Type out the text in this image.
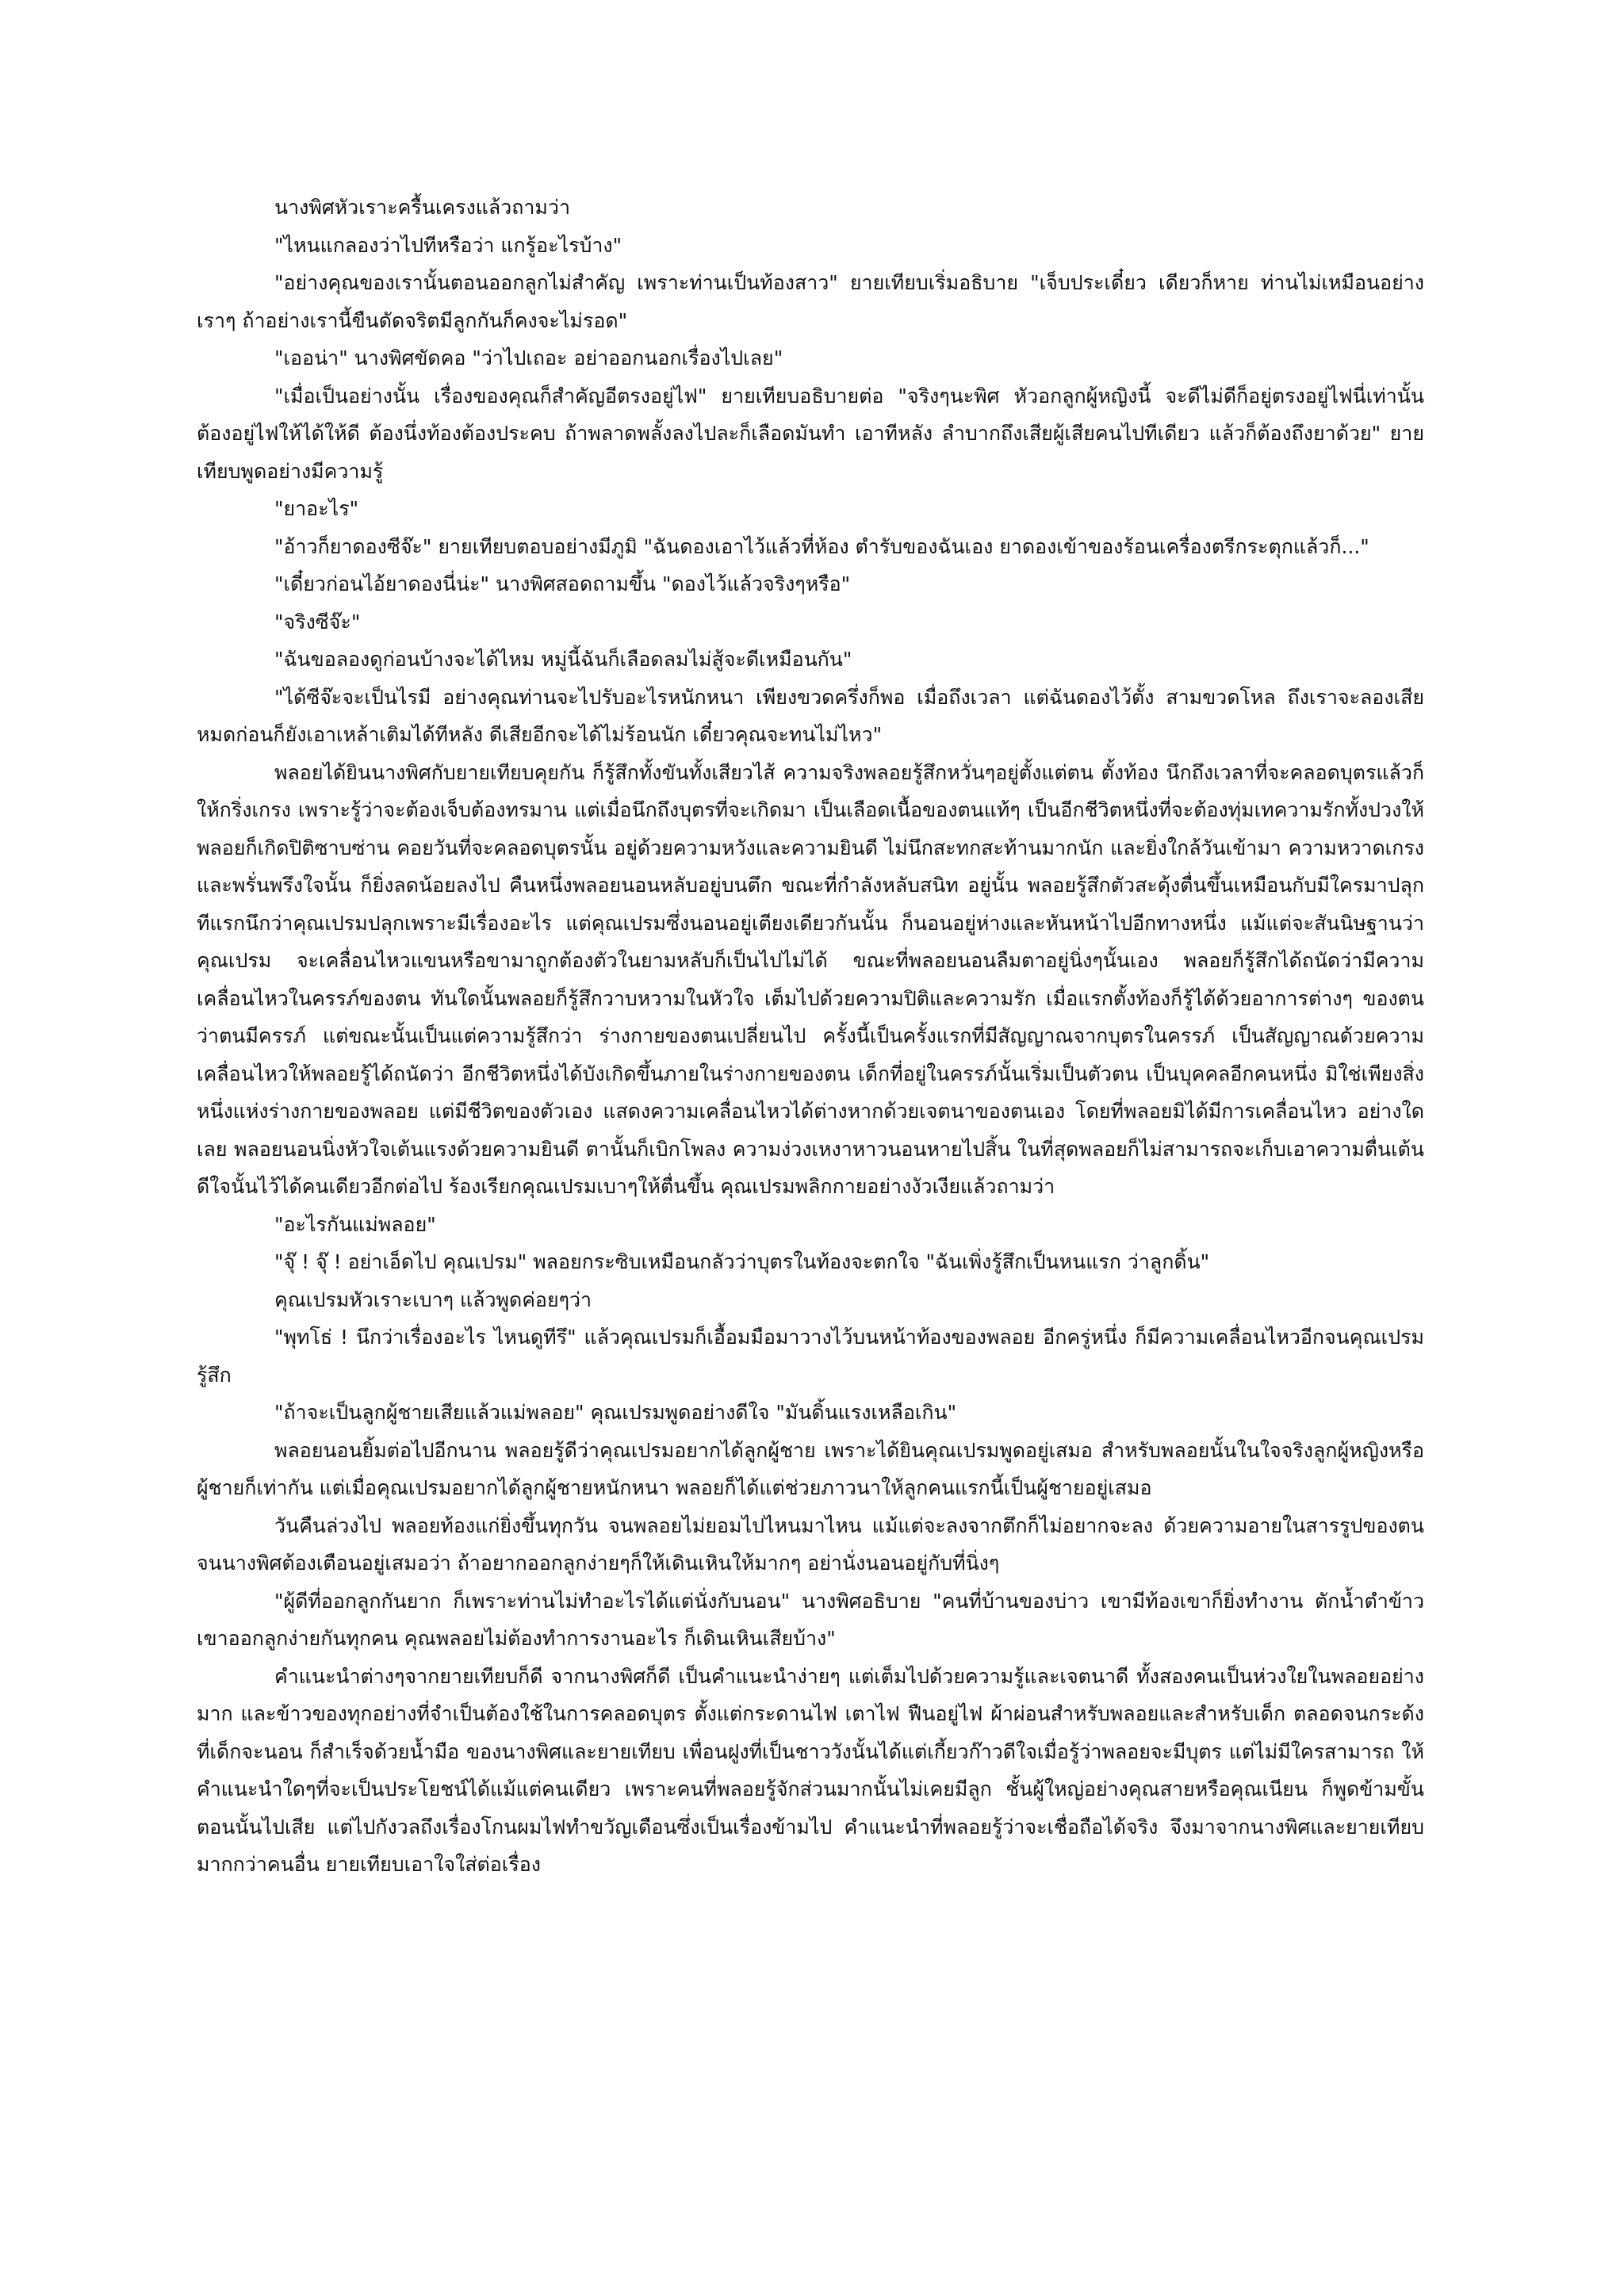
นางพิศหัวเราะครื้นเครงแล้วถามว่า

"ไหนแกลองว่าไปทีหรือว่า แกรู้อะไรบ้าง"

"อย่างคุณของเรานั้นตอนออกลูกไม่สำคัญ เพราะท่านเป็นท้องสาว" ยายเทียบเริ่มอธิบาย "เจ็บประเดี๋ยว เดียวก็หาย ท่านไม่เหมือนอย่างเราๆ ถ้าอย่างเรานี้ขืนดัดจริตมีลูกกันก็คงจะไม่รอด"

"เออน่า" นางพิศขัดคอ "ว่าไปเถอะ อย่าออกนอกเรื่องไปเลย"

"เมื่อเป็นอย่างนั้น เรื่องของคุณก็สำคัญอีตรงอยู่ไฟ" ยายเทียบอธิบายต่อ "จริงๆนะพิศ หัวอกลูกผู้หญิงนี้ จะดีไม่ดีก็อยู่ตรงอยู่ไฟนี่เท่านั้น ต้องอยู่ไฟให้ได้ให้ดี ต้องนึ่งท้องต้องประคบ ถ้าพลาดพลั้งลงไปละก็เลือดมันทำ เอาทีหลัง ลำบากถึงเสียผู้เสียคนไปทีเดียว แล้วก็ต้องถึงยาด้วย" ยายเทียบพูดอย่างมีความรู้

"ยาอะไร"

"อ้าวก็ยาดองซีจ๊ะ" ยายเทียบตอบอย่างมีภูมิ "ฉันดองเอาไว้แล้วที่ห้อง ตำรับของฉันเอง ยาดองเข้าของร้อนเครื่องตรีกระตุกแล้วก็..."

"เดี๋ยวก่อนไอ้ยาดองนี่น่ะ" นางพิศสอดถามขึ้น "ดองไว้แล้วจริงๆหรือ"

"จริงซีจ๊ะ"

"ฉันขอลองดูก่อนบ้างจะได้ไหม หมู่นี้ฉันก็เลือดลมไม่สู้จะดีเหมือนกัน"

"ได้ซีจ๊ะจะเป็นไรมี อย่างคุณท่านจะไปรับอะไรหนักหนา เพียงขวดครึ่งก็พอ เมื่อถึงเวลา แต่ฉันดองไว้ตั้ง สามขวดโหล ถึงเราจะลองเสียหมดก่อนก็ยังเอาเหล้าเติมได้ทีหลัง ดีเสียอีกจะได้ไม่ร้อนนัก เดี๋ยวคุณจะทนไม่ไหว"

พลอยได้ยินนางพิศกับยายเทียบคุยกัน ก็รู้สึกทั้งขันทั้งเสียวไส้ ความจริงพลอยรู้สึกหวั่นๆอยู่ตั้งแต่ตน ตั้งท้อง นึกถึงเวลาที่จะคลอดบุตรแล้วก็ให้กริ่งเกรง เพราะรู้ว่าจะต้องเจ็บต้องทรมาน แต่เมื่อนึกถึงบุตรที่จะเกิดมา เป็นเลือดเนื้อของตนแท้ๆ เป็นอีกชีวิตหนึ่งที่จะต้องทุ่มเทความรักทั้งปวงให้ พลอยก็เกิดปิติซาบซ่าน คอยวันที่จะคลอดบุตรนั้น อยู่ด้วยความหวังและความยินดี ไม่นึกสะทกสะท้านมากนัก และยิ่งใกล้วันเข้ามา ความหวาดเกรงและพรั่นพรึงใจนั้น ก็ยิ่งลดน้อยลงไป คืนหนึ่งพลอยนอนหลับอยู่บนตึก ขณะที่กำลังหลับสนิท อยู่นั้น พลอยรู้สึกตัวสะดุ้งตื่นขึ้นเหมือนกับมีใครมาปลุก ทีแรกนึกว่าคุณเปรมปลุกเพราะมีเรื่องอะไร แต่คุณเปรมซึ่งนอนอยู่เตียงเดียวกันนั้น ก็นอนอยู่ห่างและหันหน้าไปอีกทางหนึ่ง แม้แต่จะสันนิษฐานว่าคุณเปรม จะเคลื่อนไหวแขนหรือขามาถูกต้องตัวในยามหลับก็เป็นไปไม่ได้ ขณะที่พลอยนอนลืมตาอยู่นิ่งๆนั้นเอง พลอยก็รู้สึกได้ถนัดว่ามีความเคลื่อนไหวในครรภ์ของตน ทันใดนั้นพลอยก็รู้สึกวาบหวามในหัวใจ เต็มไปด้วยความปิติและความรัก เมื่อแรกตั้งท้องก็รู้ได้ด้วยอาการต่างๆ ของตนว่าตนมีครรภ์ แต่ขณะนั้นเป็นแต่ความรู้สึกว่า ร่างกายของตนเปลี่ยนไป ครั้งนี้เป็นครั้งแรกที่มีสัญญาณจากบุตรในครรภ์ เป็นสัญญาณด้วยความเคลื่อนไหวให้พลอยรู้ได้ถนัดว่า อีกชีวิตหนึ่งได้บังเกิดขึ้นภายในร่างกายของตน เด็กที่อยู่ในครรภ์นั้นเริ่มเป็นตัวตน เป็นบุคคลอีกคนหนึ่ง มิใช่เพียงสิ่งหนึ่งแห่งร่างกายของพลอย แต่มีชีวิตของตัวเอง แสดงความเคลื่อนไหวได้ต่างหากด้วยเจตนาของตนเอง โดยที่พลอยมิได้มีการเคลื่อนไหว อย่างใดเลย พลอยนอนนิ่งหัวใจเต้นแรงด้วยความยินดี ตานั้นก็เบิกโพลง ความง่วงเหงาหาวนอนหายไปสิ้น ในที่สุดพลอยก็ไม่สามารถจะเก็บเอาความตื่นเต้นดีใจนั้นไว้ได้คนเดียวอีกต่อไป ร้องเรียกคุณเปรมเบาๆให้ตื่นขึ้น คุณเปรมพลิกกายอย่างงัวเงียแล้วถามว่า

"อะไรกันแม่พลอย"

"จุ๊ ! จุ๊ ! อย่าเอ็ดไป คุณเปรม" พลอยกระซิบเหมือนกลัวว่าบุตรในท้องจะตกใจ "ฉันเพิ่งรู้สึกเป็นหนแรก ว่าลูกดิ้น"

คุณเปรมหัวเราะเบาๆ แล้วพูดค่อยๆว่า

"พุทโธ่ ! นึกว่าเรื่องอะไร ไหนดูทีรึ" แล้วคุณเปรมก็เอื้อมมือมาวางไว้บนหน้าท้องของพลอย อีกครู่หนึ่ง ก็มีความเคลื่อนไหวอีกจนคุณเปรมรู้สึก

"ถ้าจะเป็นลูกผู้ชายเสียแล้วแม่พลอย" คุณเปรมพูดอย่างดีใจ "มันดิ้นแรงเหลือเกิน"

พลอยนอนยิ้มต่อไปอีกนาน พลอยรู้ดีว่าคุณเปรมอยากได้ลูกผู้ชาย เพราะได้ยินคุณเปรมพูดอยู่เสมอ สำหรับพลอยนั้นในใจจริงลูกผู้หญิงหรือผู้ชายก็เท่ากัน แต่เมื่อคุณเปรมอยากได้ลูกผู้ชายหนักหนา พลอยก็ได้แต่ช่วยภาวนาให้ลูกคนแรกนี้เป็นผู้ชายอยู่เสมอ

วันคืนล่วงไป พลอยท้องแก่ยิ่งขึ้นทุกวัน จนพลอยไม่ยอมไปไหนมาไหน แม้แต่จะลงจากตึกก็ไม่อยากจะลง ด้วยความอายในสารรูปของตน จนนางพิศต้องเตือนอยู่เสมอว่า ถ้าอยากออกลูกง่ายๆก็ให้เดินเหินให้มากๆ อย่านั่งนอนอยู่กับที่นิ่งๆ

"ผู้ดีที่ออกลูกกันยาก ก็เพราะท่านไม่ทำอะไรได้แต่นั่งกับนอน" นางพิศอธิบาย "คนที่บ้านของบ่าว เขามีท้องเขาก็ยิ่งทำงาน ตักน้ำตำข้าว เขาออกลูกง่ายกันทุกคน คุณพลอยไม่ต้องทำการงานอะไร ก็เดินเหินเสียบ้าง"

คำแนะนำต่างๆจากยายเทียบก็ดี จากนางพิศก็ดี เป็นคำแนะนำง่ายๆ แต่เต็มไปด้วยความรู้และเจตนาดี ทั้งสองคนเป็นห่วงใยในพลอยอย่างมาก และข้าวของทุกอย่างที่จำเป็นต้องใช้ในการคลอดบุตร ตั้งแต่กระดานไฟ เตาไฟ ฟืนอยู่ไฟ ผ้าผ่อนสำหรับพลอยและสำหรับเด็ก ตลอดจนกระด้งที่เด็กจะนอน ก็สำเร็จด้วยน้ำมือ ของนางพิศและยายเทียบ เพื่อนฝูงที่เป็นชาววังนั้นได้แต่เกี้ยวก๊าวดีใจเมื่อรู้ว่าพลอยจะมีบุตร แต่ไม่มีใครสามารถ ให้คำแนะนำใดๆที่จะเป็นประโยชน์ได้แม้แต่คนเดียว เพราะคนที่พลอยรู้จักส่วนมากนั้นไม่เคยมีลูก ชั้นผู้ใหญ่อย่างคุณสายหรือคุณเนียน ก็พูดข้ามขั้นตอนนั้นไปเสีย แต่ไปกังวลถึงเรื่องโกนผมไฟทำขวัญเดือนซึ่งเป็นเรื่องข้ามไป คำแนะนำที่พลอยรู้ว่าจะเชื่อถือได้จริง จึงมาจากนางพิศและยายเทียบมากกว่าคนอื่น ยายเทียบเอาใจใส่ต่อเรื่อง
